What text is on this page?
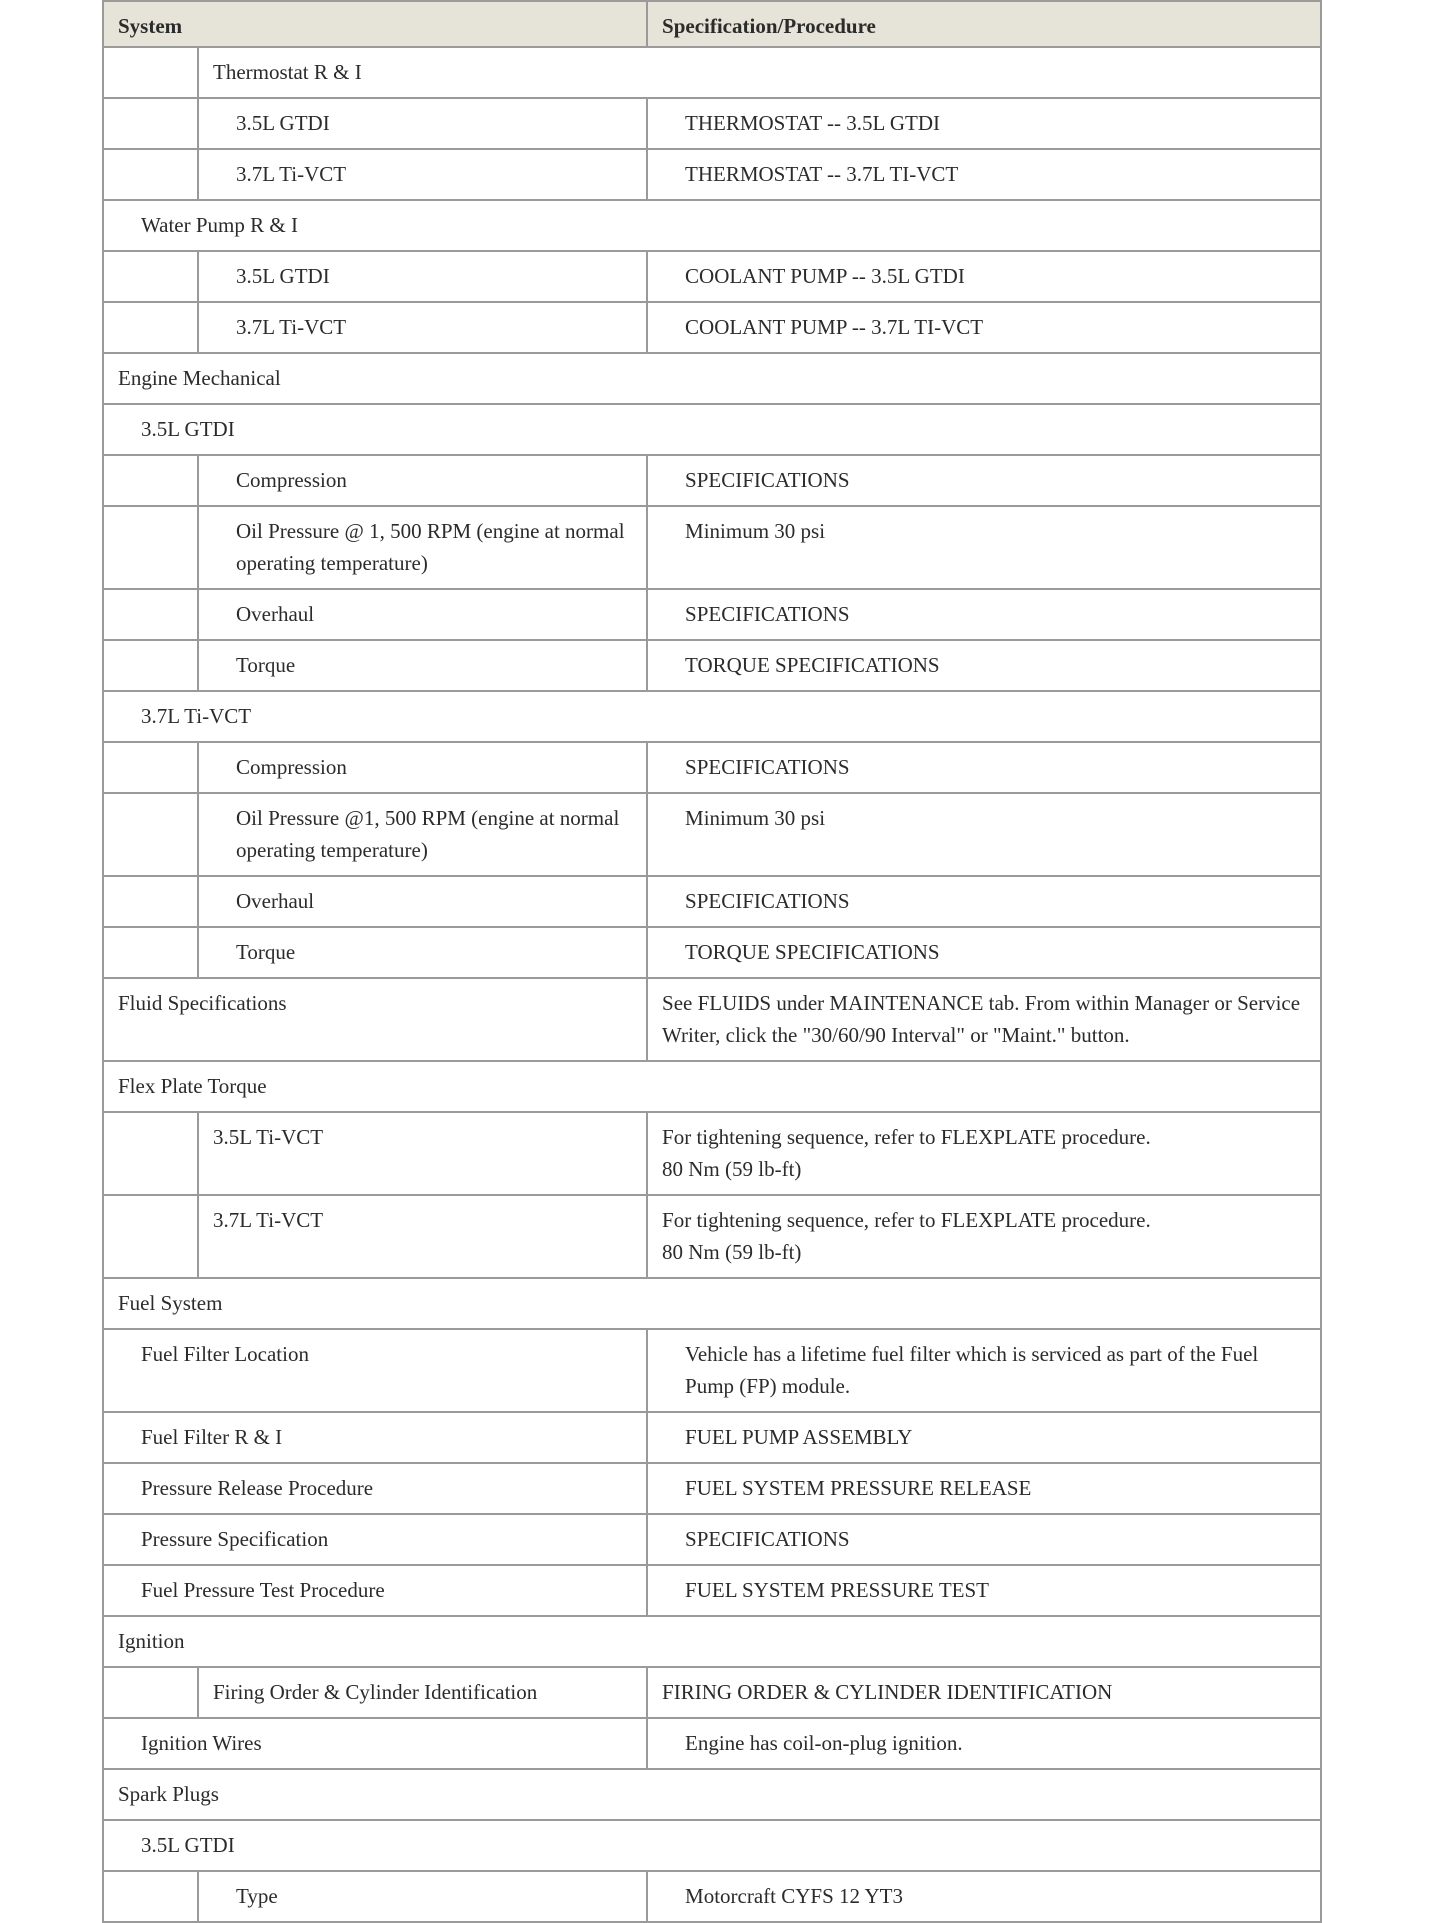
System		Specification/Procedure

	Thermostat R & I	

	3.5L GTDI	THERMOSTAT -- 3.5L GTDI

	3.7L Ti-VCT	THERMOSTAT -- 3.7L TI-VCT

Water Pump R & I		

	3.5L GTDI	COOLANT PUMP -- 3.5L GTDI

	3.7L Ti-VCT	COOLANT PUMP -- 3.7L TI-VCT

Engine Mechanical		

3.5L GTDI		

	Compression	SPECIFICATIONS

	Oil Pressure @ 1, 500 RPM (engine at normal operating temperature)	Minimum 30 psi

	Overhaul	SPECIFICATIONS

	Torque	TORQUE SPECIFICATIONS

3.7L Ti-VCT		

	Compression	SPECIFICATIONS

	Oil Pressure @1, 500 RPM (engine at normal operating temperature)	Minimum 30 psi

	Overhaul	SPECIFICATIONS

	Torque	TORQUE SPECIFICATIONS

Fluid Specifications		See FLUIDS under MAINTENANCE tab. From within Manager or Service Writer, click the "30/60/90 Interval" or "Maint." button.

Flex Plate Torque		

	3.5L Ti-VCT	For tightening sequence, refer to FLEXPLATE procedure.
80 Nm (59 lb-ft)

	3.7L Ti-VCT	For tightening sequence, refer to FLEXPLATE procedure.
80 Nm (59 lb-ft)

Fuel System		

Fuel Filter Location		Vehicle has a lifetime fuel filter which is serviced as part of the Fuel Pump (FP) module.

Fuel Filter R & I		FUEL PUMP ASSEMBLY

Pressure Release Procedure		FUEL SYSTEM PRESSURE RELEASE

Pressure Specification		SPECIFICATIONS

Fuel Pressure Test Procedure		FUEL SYSTEM PRESSURE TEST

Ignition		

	Firing Order & Cylinder Identification	FIRING ORDER & CYLINDER IDENTIFICATION

Ignition Wires		Engine has coil-on-plug ignition.

Spark Plugs		

3.5L GTDI		

	Type	Motorcraft CYFS 12 YT3
